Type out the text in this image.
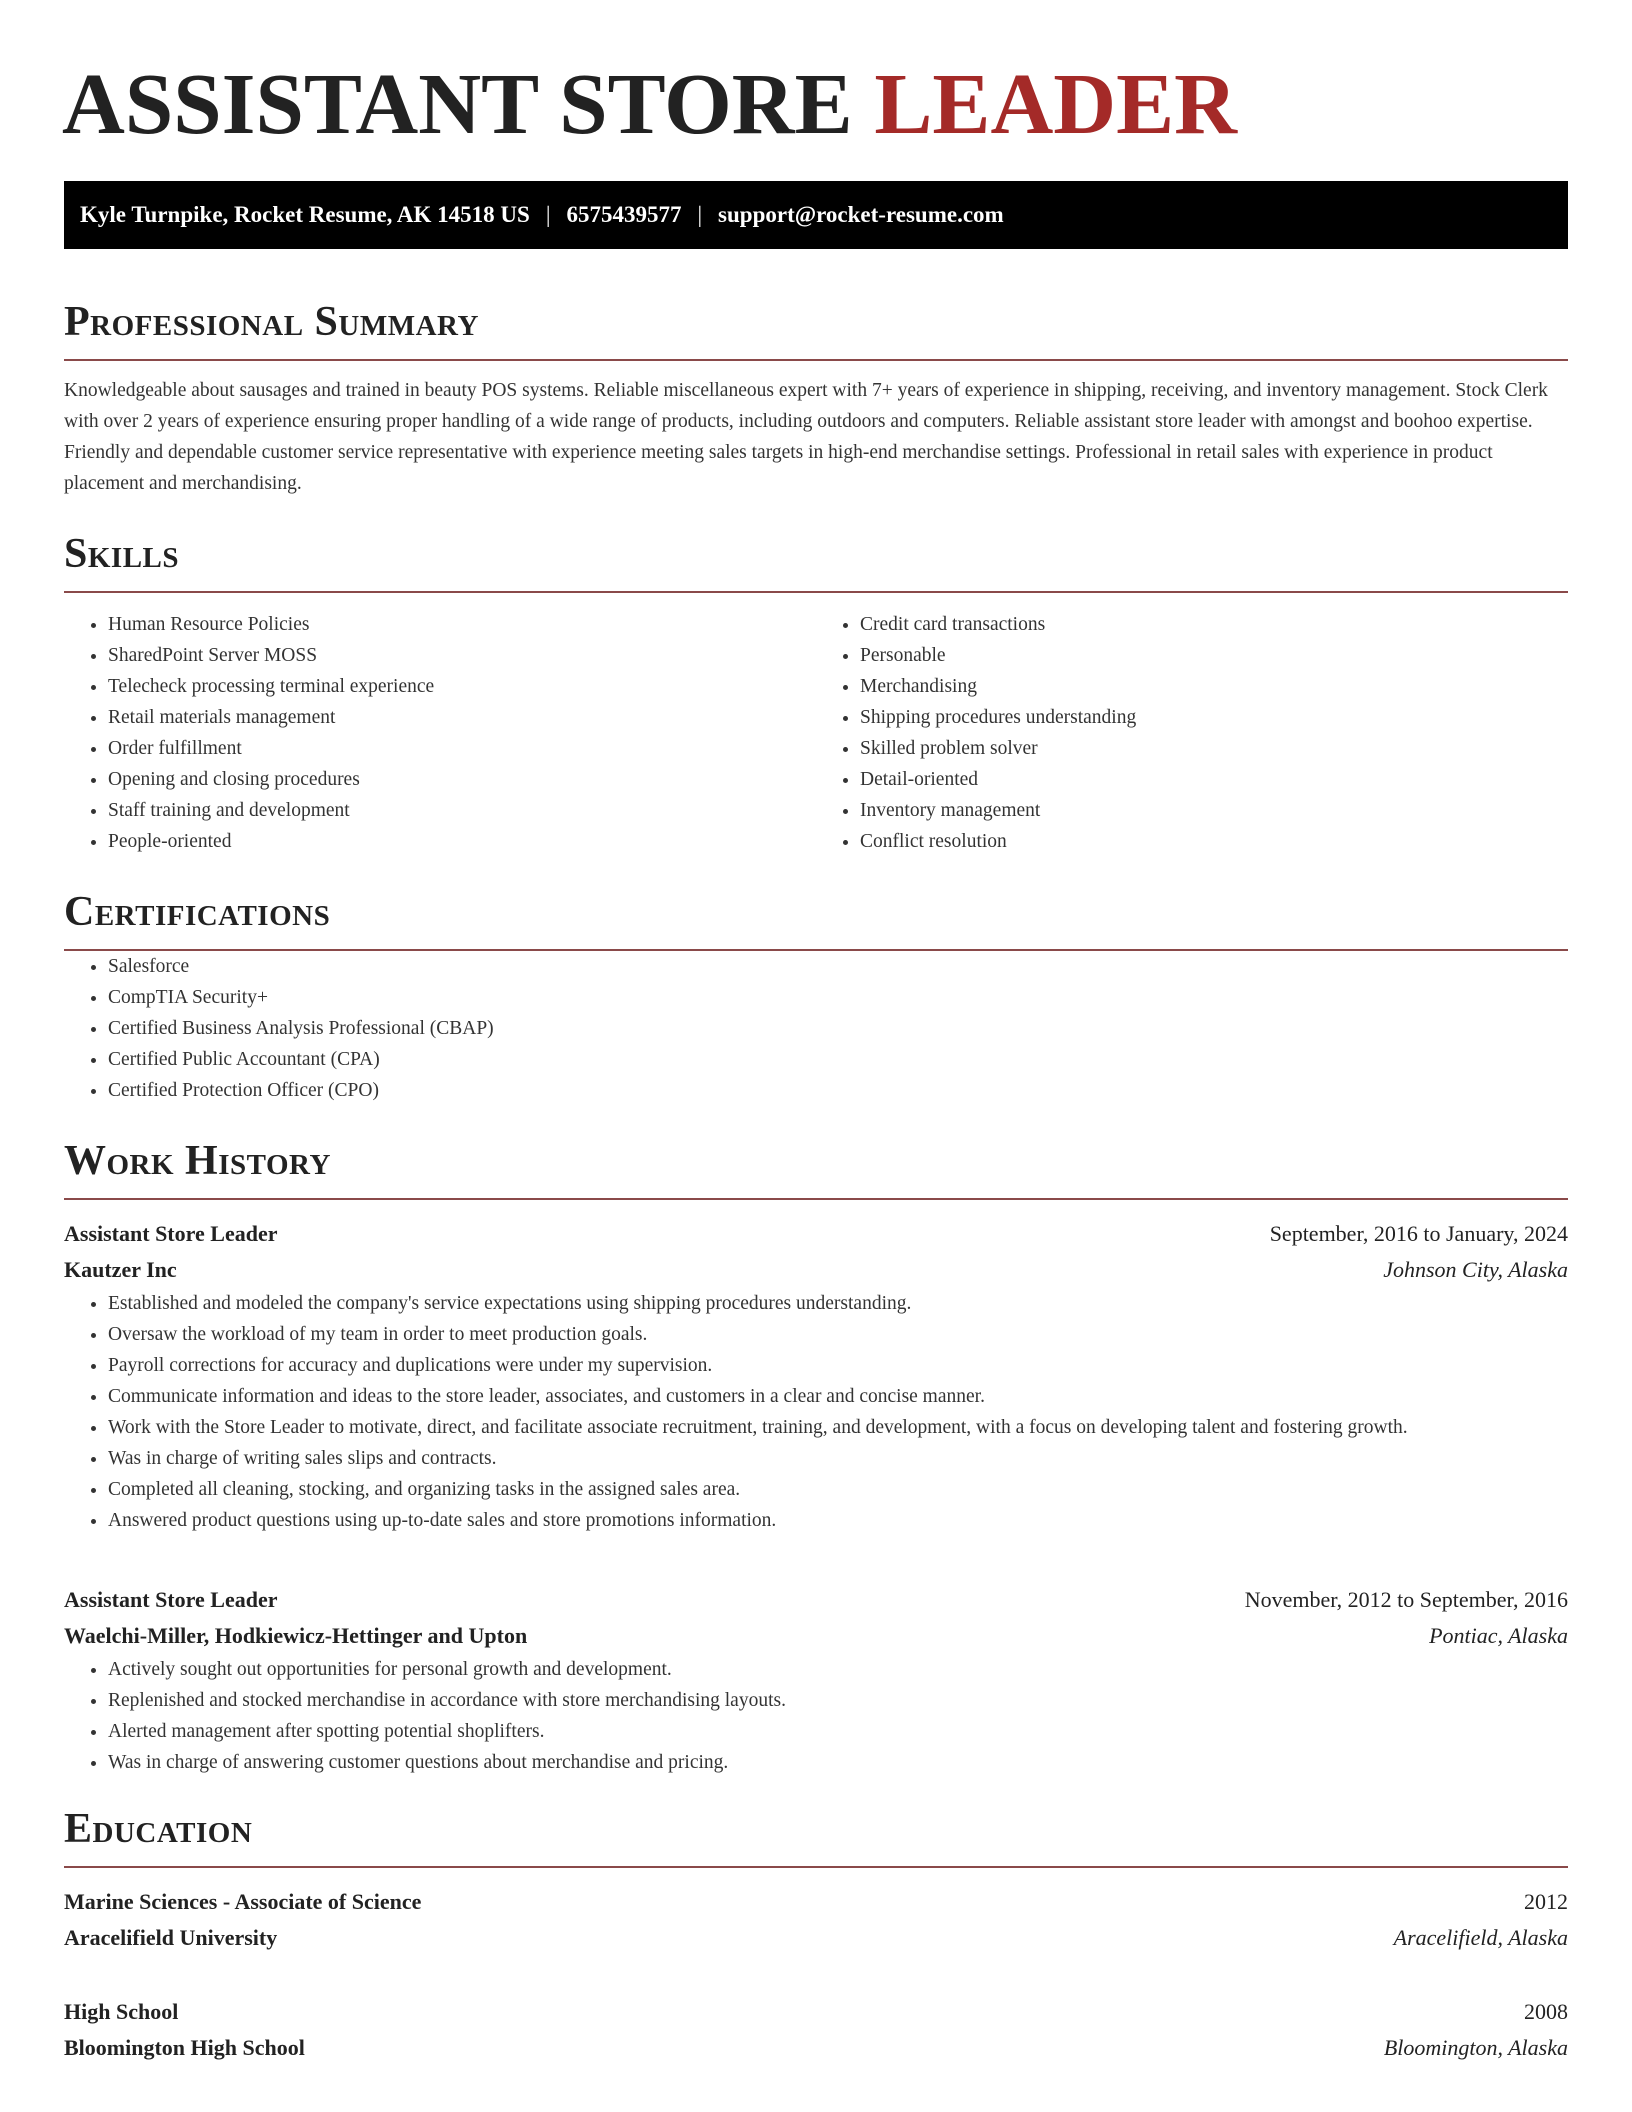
ASSISTANT STORE LEADER
Kyle Turnpike, Rocket Resume, AK 14518 US | 6575439577 | support@rocket-resume.com
Professional Summary

Knowledgeable about sausages and trained in beauty POS systems. Reliable miscellaneous expert with 7+ years of experience in shipping, receiving, and inventory management. Stock Clerk with over 2 years of experience ensuring proper handling of a wide range of products, including outdoors and computers. Reliable assistant store leader with amongst and boohoo expertise. Friendly and dependable customer service representative with experience meeting sales targets in high-end merchandise settings. Professional in retail sales with experience in product placement and merchandising.

Skills
• Human Resource Policies
• SharedPoint Server MOSS
• Telecheck processing terminal experience
• Retail materials management
• Order fulfillment
• Opening and closing procedures
• Staff training and development
• People-oriented
• Credit card transactions
• Personable
• Merchandising
• Shipping procedures understanding
• Skilled problem solver
• Detail-oriented
• Inventory management
• Conflict resolution
Certifications
• Salesforce
• CompTIA Security+
• Certified Business Analysis Professional (CBAP)
• Certified Public Accountant (CPA)
• Certified Protection Officer (CPO)
Work History
Assistant Store Leader	September, 2016 to January, 2024
Kautzer Inc	Johnson City, Alaska
• Established and modeled the company's service expectations using shipping procedures understanding.
• Oversaw the workload of my team in order to meet production goals.
• Payroll corrections for accuracy and duplications were under my supervision.
• Communicate information and ideas to the store leader, associates, and customers in a clear and concise manner.
• Work with the Store Leader to motivate, direct, and facilitate associate recruitment, training, and development, with a focus on developing talent and fostering growth.
• Was in charge of writing sales slips and contracts.
• Completed all cleaning, stocking, and organizing tasks in the assigned sales area.
• Answered product questions using up-to-date sales and store promotions information.
Assistant Store Leader	November, 2012 to September, 2016
Waelchi-Miller, Hodkiewicz-Hettinger and Upton	Pontiac, Alaska
• Actively sought out opportunities for personal growth and development.
• Replenished and stocked merchandise in accordance with store merchandising layouts.
• Alerted management after spotting potential shoplifters.
• Was in charge of answering customer questions about merchandise and pricing.
Education
Marine Sciences - Associate of Science	2012
Aracelifield University	Aracelifield, Alaska
High School	2008
Bloomington High School	Bloomington, Alaska
